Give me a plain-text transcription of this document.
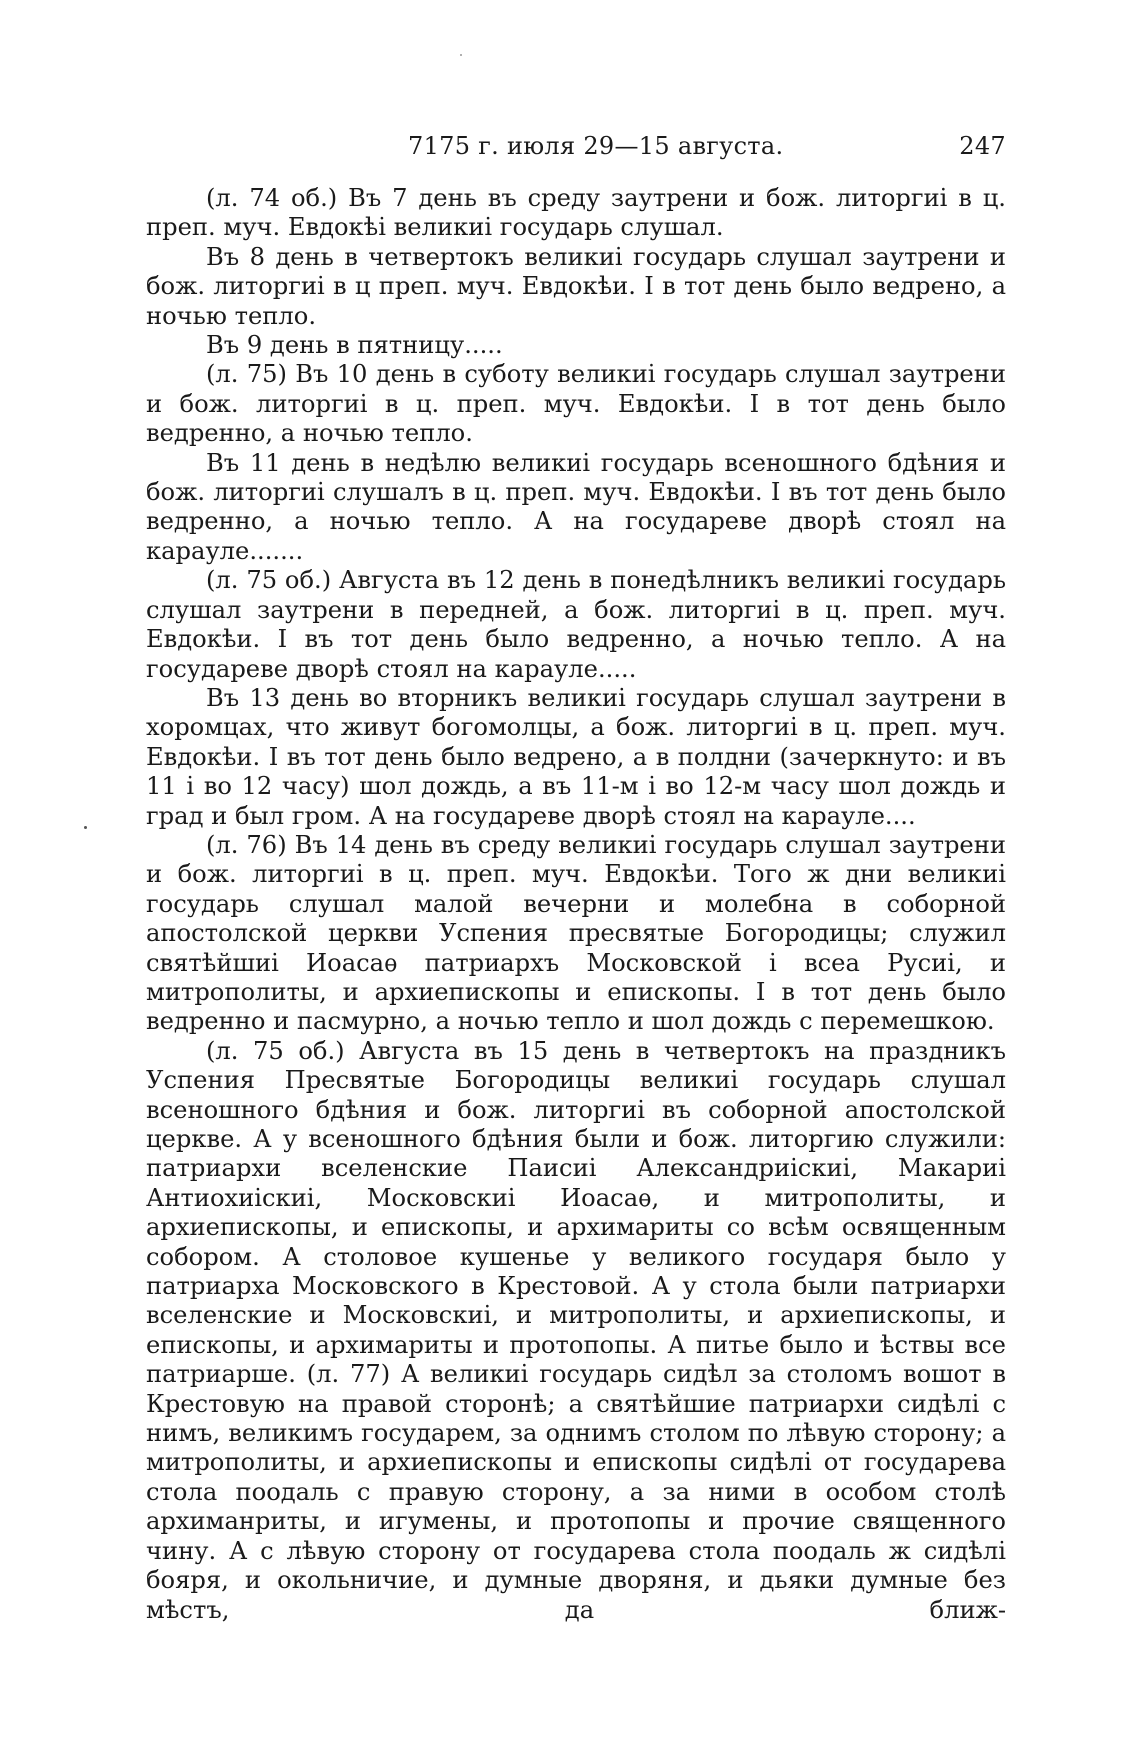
7175 г. июля 29—15 августа.	247

(л. 74 об.) Въ 7 день въ среду заутрени и бож. литоргиі в ц. преп. муч. Евдокѣі великиі государь слушал.

Въ 8 день в четвертокъ великиі государь слушал заутрени и бож. литоргиі в ц преп. муч. Евдокѣи. І в тот день было ведрено, а ночью тепло.

Въ 9 день в пятницу.....

(л. 75) Въ 10 день в суботу великиі государь слушал заутрени и бож. литоргиі в ц. преп. муч. Евдокѣи. І в тот день было ведренно, а ночью тепло.

Въ 11 день в недѣлю великиі государь всеношного бдѣния и бож. литоргиі слушалъ в ц. преп. муч. Евдокѣи. І въ тот день было ведренно, а ночью тепло. А на государеве дворѣ стоял на карауле.......

(л. 75 об.) Августа въ 12 день в понедѣлникъ великиі государь слушал заутрени в передней, а бож. литоргиі в ц. преп. муч. Евдокѣи. І въ тот день было ведренно, а ночью тепло. А на государеве дворѣ стоял на карауле.....

Въ 13 день во вторникъ великиі государь слушал заутрени в хоромцах, что живут богомолцы, а бож. литоргиі в ц. преп. муч. Евдокѣи. І въ тот день было ведрено, а в полдни (зачеркнуто: и въ 11 і во 12 часу) шол дождь, а въ 11-м і во 12-м часу шол дождь и град и был гром. А на государеве дворѣ стоял на карауле....

(л. 76) Въ 14 день въ среду великиі государь слушал заутрени и бож. литоргиі в ц. преп. муч. Евдокѣи. Того ж дни великиі государь слушал малой вечерни и молебна в соборной апостолской церкви Успения пресвятые Богородицы; служил святѣйшиі Иоасаѳ патриархъ Московской і всеа Русиі, и митрополиты, и архиепископы и епископы. І в тот день было ведренно и пасмурно, а ночью тепло и шол дождь с перемешкою.

(л. 75 об.) Августа въ 15 день в четвертокъ на праздникъ Успения Пресвятые Богородицы великиі государь слушал всеношного бдѣния и бож. литоргиі въ соборной апостолской церкве. А у всеношного бдѣния были и бож. литоргию служили: патриархи вселенские Паисиі Александриіскиі, Макариі Антиохиіскиі, Московскиі Иоасаѳ, и митрополиты, и архиепископы, и епископы, и архимариты со всѣм освященным собором. А столовое кушенье у великого государя было у патриарха Московского в Крестовой. А у стола были патриархи вселенские и Московскиі, и митрополиты, и архиепископы, и епископы, и архимариты и протопопы. А питье было и ѣствы все патриарше. (л. 77) А великиі государь сидѣл за столомъ вошот в Крестовую на правой сторонѣ; а святѣйшие патриархи сидѣлі с нимъ, великимъ государем, за однимъ столом по лѣвую сторону; а митрополиты, и архиепископы и епископы сидѣлі от государева стола поодаль с правую сторону, а за ними в особом столѣ архиманриты, и игумены, и протопопы и прочие священного чину. А с лѣвую сторону от государева стола поодаль ж сидѣлі бояря, и окольничие, и думные дворяня, и дьяки думные без мѣстъ, да ближ-
